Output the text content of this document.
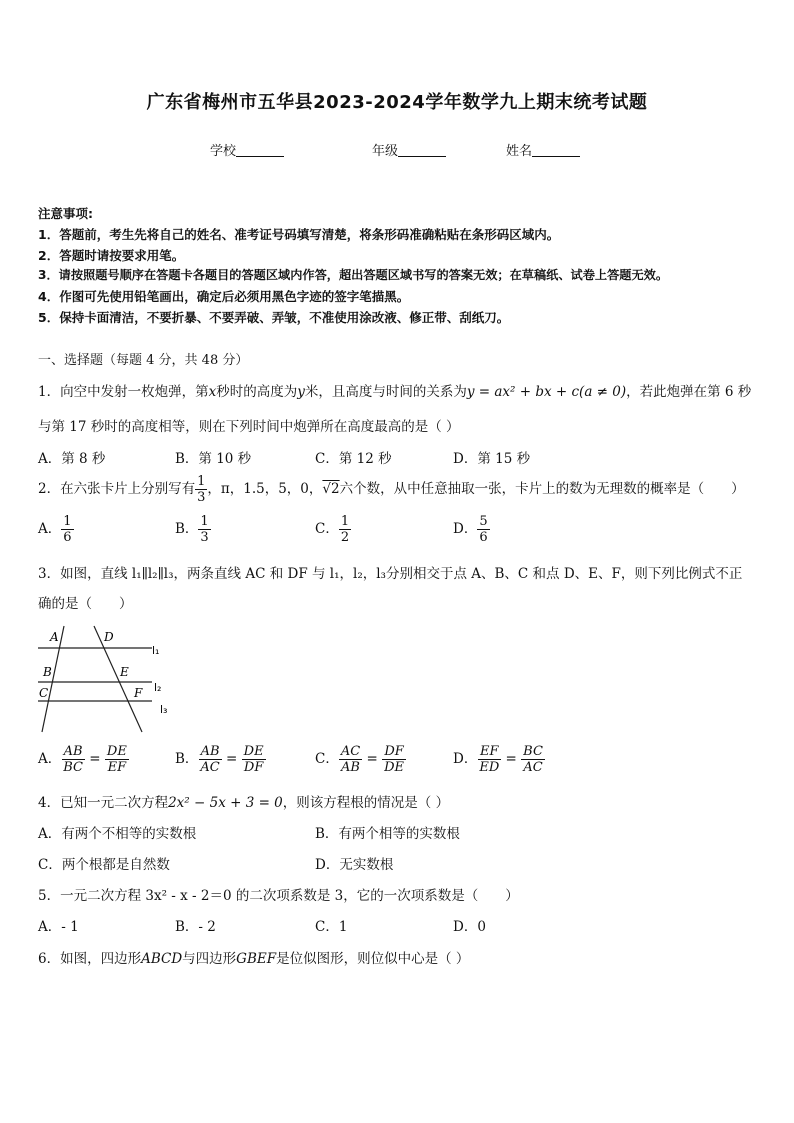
广东省梅州市五华县2023-2024学年数学九上期末统考试题
学校	年级	姓名
注意事项:
1．答题前，考生先将自己的姓名、准考证号码填写清楚，将条形码准确粘贴在条形码区域内。
2．答题时请按要求用笔。
3．请按照题号顺序在答题卡各题目的答题区域内作答，超出答题区域书写的答案无效；在草稿纸、试卷上答题无效。
4．作图可先使用铅笔画出，确定后必须用黑色字迹的签字笔描黑。
5．保持卡面清洁，不要折暴、不要弄破、弄皱，不准使用涂改液、修正带、刮纸刀。
一、选择题（每题 4 分，共 48 分）
1．向空中发射一枚炮弹，第x秒时的高度为y米，且高度与时间的关系为y = ax² + bx + c(a ≠ 0)，若此炮弹在第 6 秒
与第 17 秒时的高度相等，则在下列时间中炮弹所在高度最高的是（ ）
A．第 8 秒	B．第 10 秒	C．第 12 秒	D．第 15 秒
2．在六张卡片上分别写有 $\frac{1}{3}$ ，π，1.5，5，0，√2六个数，从中任意抽取一张，卡片上的数为无理数的概率是（　　）
A． $\frac{1}{6}$	B． $\frac{1}{3}$	C． $\frac{1}{2}$	D． $\frac{5}{6}$
3．如图，直线 l₁∥l₂∥l₃，两条直线 AC 和 DF 与 l₁，l₂，l₃分别相交于点 A、B、C 和点 D、E、F，则下列比例式不正
确的是（　　）
A	D
B	E
C	F
l₁
l₂
l₃
A． $\frac{AB}{BC} = \frac{DE}{EF}$	B． $\frac{AB}{AC} = \frac{DE}{DF}$	C． $\frac{AC}{AB} = \frac{DF}{DE}$	D． $\frac{EF}{ED} = \frac{BC}{AC}$
4．已知一元二次方程2x² − 5x + 3 = 0，则该方程根的情况是（ ）
A．有两个不相等的实数根	B．有两个相等的实数根
C．两个根都是自然数	D．无实数根
5．一元二次方程 3x² - x - 2＝0 的二次项系数是 3，它的一次项系数是（　　）
A．- 1	B．- 2	C．1	D．0
6．如图，四边形ABCD与四边形GBEF是位似图形，则位似中心是（ ）
